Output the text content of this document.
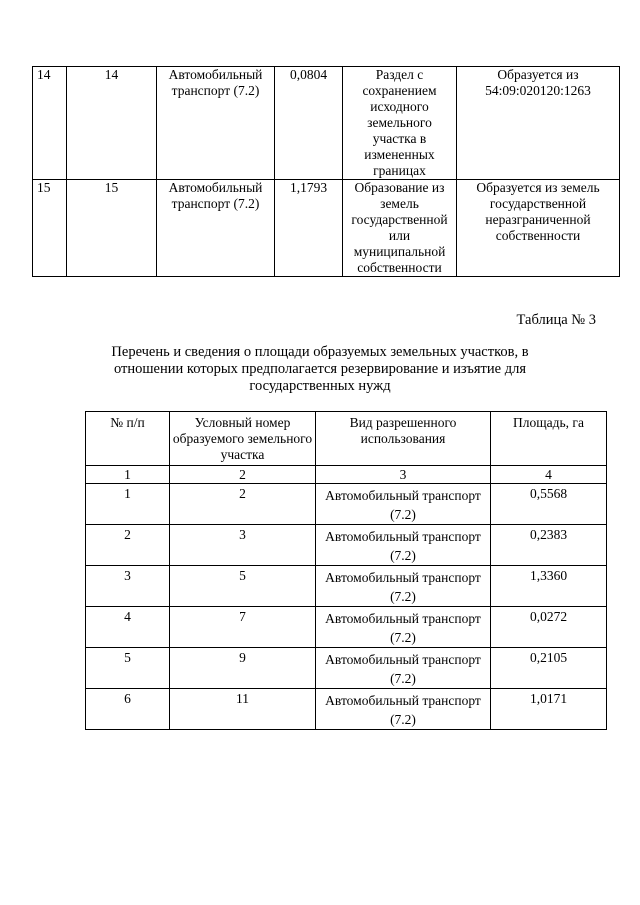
14	14	Автомобильный транспорт (7.2)	0,0804	Раздел с сохранением исходного земельного участка в измененных границах	Образуется из 54:09:020120:1263
15	15	Автомобильный транспорт (7.2)	1,1793	Образование из земель государственной или муниципальной собственности	Образуется из земель государственной неразграниченной собственности
Таблица № 3
Перечень и сведения о площади образуемых земельных участков, в отношении которых предполагается резервирование и изъятие для государственных нужд
№ п/п	Условный номер образуемого земельного участка	Вид разрешенного использования	Площадь, га
1	2	3	4
1	2	Автомобильный транспорт (7.2)	0,5568
2	3	Автомобильный транспорт (7.2)	0,2383
3	5	Автомобильный транспорт (7.2)	1,3360
4	7	Автомобильный транспорт (7.2)	0,0272
5	9	Автомобильный транспорт (7.2)	0,2105
6	11	Автомобильный транспорт (7.2)	1,0171
